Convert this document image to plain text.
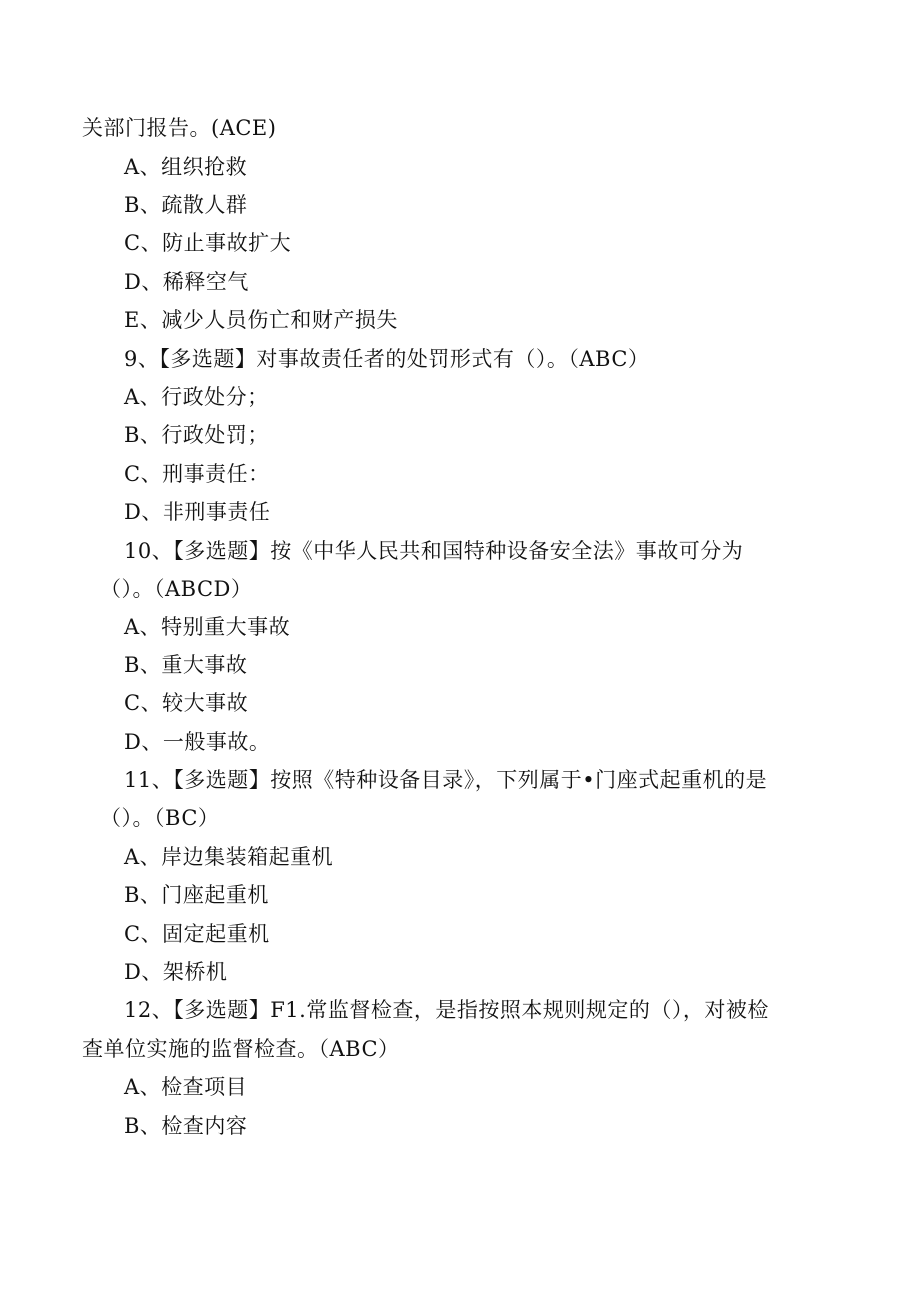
关部门报告。(ACE)
A、组织抢救
B、疏散人群
C、防止事故扩大
D、稀释空气
E、减少人员伤亡和财产损失
9、【多选题】对事故责任者的处罚形式有（）。（ABC）
A、行政处分；
B、行政处罚；
C、刑事责任：
D、非刑事责任
10、【多选题】按《中华人民共和国特种设备安全法》事故可分为
（）。（ABCD）
A、特别重大事故
B、重大事故
C、较大事故
D、一般事故。
11、【多选题】按照《特种设备目录》，下列属于•门座式起重机的是
（）。（BC）
A、岸边集装箱起重机
B、门座起重机
C、固定起重机
D、架桥机
12、【多选题】F1.常监督检查，是指按照本规则规定的（），对被检
查单位实施的监督检查。（ABC）
A、检查项目
B、检查内容
